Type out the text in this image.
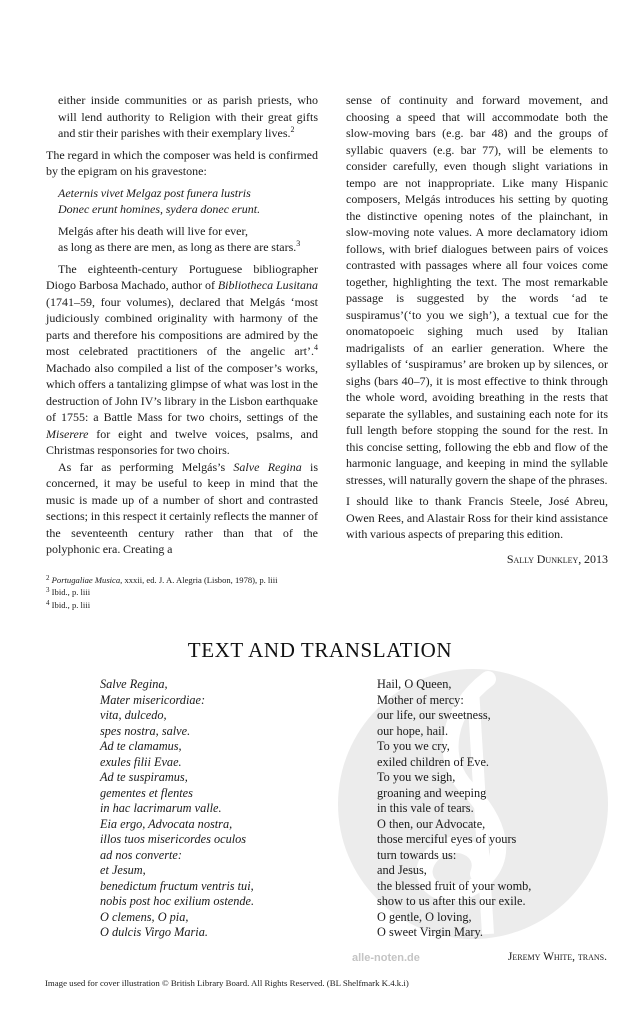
either inside communities or as parish priests, who will lend authority to Religion with their great gifts and stir their parishes with their exemplary lives.$^2$

The regard in which the composer was held is confirmed by the epigram on his gravestone:

Aeternis vivet Melgaz post funera lustris
Donec erunt homines, sydera donec erunt.

Melgás after his death will live for ever,
as long as there are men, as long as there are stars.$^3$

The eighteenth-century Portuguese bibliographer Diogo Barbosa Machado, author of Bibliotheca Lusitana (1741–59, four volumes), declared that Melgás ‘most judiciously combined originality with harmony of the parts and therefore his compositions are admired by the most celebrated practitioners of the angelic art’.$^4$ Machado also compiled a list of the composer’s works, which offers a tantalizing glimpse of what was lost in the destruction of John IV’s library in the Lisbon earthquake of 1755: a Battle Mass for two choirs, settings of the Miserere for eight and twelve voices, psalms, and Christmas responsories for two choirs.

As far as performing Melgás’s Salve Regina is concerned, it may be useful to keep in mind that the music is made up of a number of short and contrasted sections; in this respect it certainly reflects the manner of the seventeenth century rather than that of the polyphonic era. Creating a

$^2$ Portugaliae Musica, xxxii, ed. J. A. Alegria (Lisbon, 1978), p. liii
$^3$ Ibid., p. liii
$^4$ Ibid., p. liii

sense of continuity and forward movement, and choosing a speed that will accommodate both the slow-moving bars (e.g. bar 48) and the groups of syllabic quavers (e.g. bar 77), will be elements to consider carefully, even though slight variations in tempo are not inappropriate. Like many Hispanic composers, Melgás introduces his setting by quoting the distinctive opening notes of the plainchant, in slow-moving note values. A more declamatory idiom follows, with brief dialogues between pairs of voices contrasted with passages where all four voices come together, highlighting the text. The most remarkable passage is suggested by the words ‘ad te suspiramus’(‘to you we sigh’), a textual cue for the onomatopoeic sighing much used by Italian madrigalists of an earlier generation. Where the syllables of ‘suspiramus’ are broken up by silences, or sighs (bars 40–7), it is most effective to think through the whole word, avoiding breathing in the rests that separate the syllables, and sustaining each note for its full length before stopping the sound for the rest. In this concise setting, following the ebb and flow of the harmonic language, and keeping in mind the syllable stresses, will naturally govern the shape of the phrases.

I should like to thank Francis Steele, José Abreu, Owen Rees, and Alastair Ross for their kind assistance with various aspects of preparing this edition.

Sally Dunkley, 2013

TEXT AND TRANSLATION
Salve Regina,
Mater misericordiae:
vita, dulcedo,
spes nostra, salve.
Ad te clamamus,
exules filii Evae.
Ad te suspiramus,
gementes et flentes
in hac lacrimarum valle.
Eia ergo, Advocata nostra,
illos tuos misericordes oculos
ad nos converte:
et Jesum,
benedictum fructum ventris tui,
nobis post hoc exilium ostende.
O clemens, O pia,
O dulcis Virgo Maria.
Hail, O Queen,
Mother of mercy:
our life, our sweetness,
our hope, hail.
To you we cry,
exiled children of Eve.
To you we sigh,
groaning and weeping
in this vale of tears.
O then, our Advocate,
those merciful eyes of yours
turn towards us:
and Jesus,
the blessed fruit of your womb,
show to us after this our exile.
O gentle, O loving,
O sweet Virgin Mary.
alle-noten.de	Jeremy White, trans.
Image used for cover illustration © British Library Board. All Rights Reserved. (BL Shelfmark K.4.k.i)
